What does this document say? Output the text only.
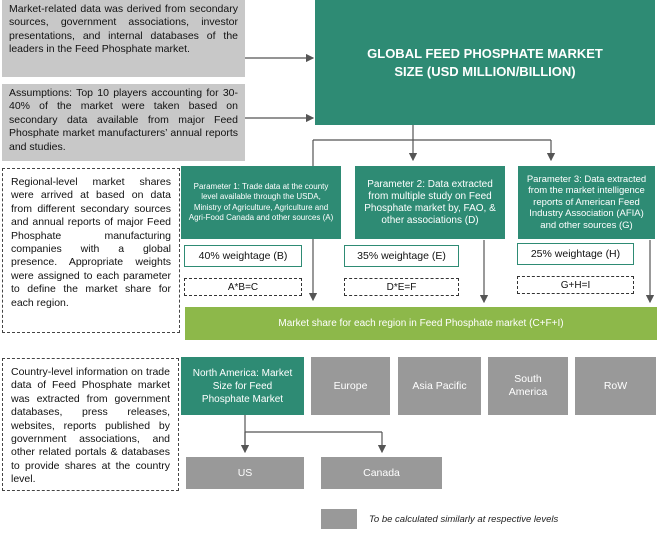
Market-related data was derived from secondary sources, government associations, investor presentations, and internal databases of the leaders in the Feed Phosphate market.
Assumptions: Top 10 players accounting for 30-40% of the market were taken based on secondary data available from major Feed Phosphate market manufacturers’ annual reports and studies.
GLOBAL FEED PHOSPHATE MARKET SIZE (USD MILLION/BILLION)
Regional-level market shares were arrived at based on data from different secondary sources and annual reports of major Feed Phosphate manufacturing companies with a global presence. Appropriate weights were assigned to each parameter to define the market share for each region.
Parameter 1: Trade data at the county level available through the USDA, Ministry of Agriculture, Agriculture and Agri-Food Canada and other sources (A)
Parameter 2: Data extracted from multiple study on Feed Phosphate market by, FAO, & other associations (D)
Parameter 3: Data extracted from the market intelligence reports of American Feed Industry Association (AFIA) and other sources (G)
40% weightage (B)	35% weightage (E)	25% weightage (H)
A*B=C	D*E=F	G+H=I
Market share for each region in Feed Phosphate market (C+F+I)
Country-level information on trade data of Feed Phosphate market was extracted from government databases, press releases, websites, reports published by government associations, and other related portals & databases to provide shares at the country level.
North America: Market Size for Feed Phosphate Market
Europe	Asia Pacific
South America
RoW
US	Canada
To be calculated similarly at respective levels
